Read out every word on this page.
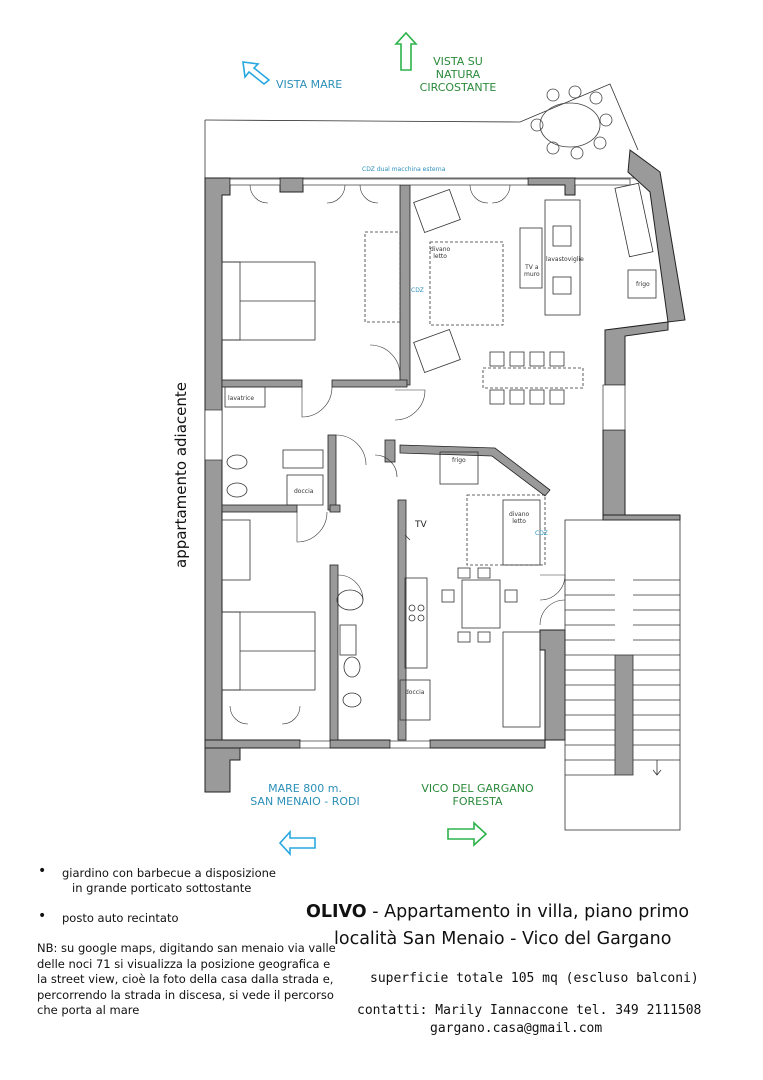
VISTA MARE
VISTA SU
NATURA
CIRCOSTANTE
MARE 800 m.
SAN MENAIO - RODI
VICO DEL GARGANO
FORESTA
appartamento adiacente
CDZ dual macchina esterna
divano
letto
TV a
muro
lavastoviglie
frigo
CDZ
lavatrice
doccia
frigo
divano
letto
CDZ
TV
doccia
• giardino con barbecue a disposizione
in grande porticato sottostante
• posto auto recintato
NB: su google maps, digitando san menaio via valle delle noci 71 si visualizza la posizione geografica e la street view, cioè la foto della casa dalla strada e, percorrendo la strada in discesa, si vede il percorso che porta al mare
OLIVO - Appartamento in villa, piano primo
località San Menaio - Vico del Gargano
superficie totale 105 mq (escluso balconi)
contatti: Marily Iannaccone tel. 349 2111508
gargano.casa@gmail.com
